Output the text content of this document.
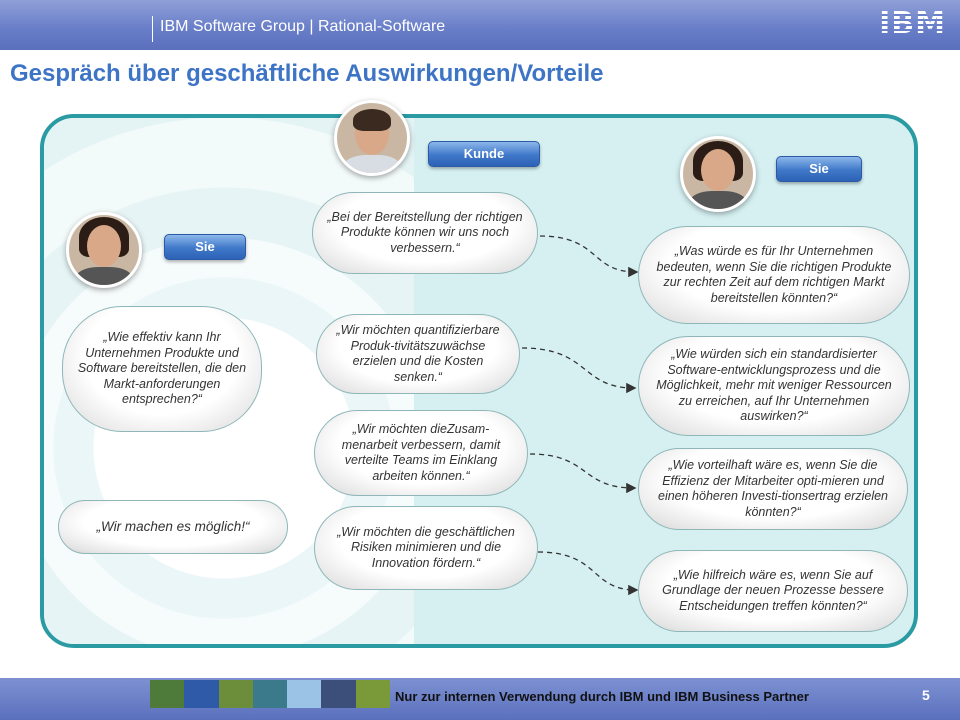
IBM Software Group | Rational-Software	IBM
Gespräch über geschäftliche Auswirkungen/Vorteile
Kunde
Sie
Sie
„Wie effektiv kann Ihr Unternehmen Produkte und Software bereitstellen, die den Markt-anforderungen entsprechen?“
„Wir machen es möglich!“
„Bei der Bereitstellung der richtigen Produkte können wir uns noch verbessern.“
„Wir möchten quantifizierbare Produk-tivitätszuwächse erzielen und die Kosten senken.“
„Wir möchten dieZusam-menarbeit verbessern, damit verteilte Teams im Einklang arbeiten können.“
„Wir möchten die geschäftlichen Risiken minimieren und die Innovation fördern.“
„Was würde es für Ihr Unternehmen bedeuten, wenn Sie die richtigen Produkte zur rechten Zeit auf dem richtigen Markt bereitstellen könnten?“
„Wie würden sich ein standardisierter Software-entwicklungsprozess und die Möglichkeit, mehr mit weniger Ressourcen zu erreichen, auf Ihr Unternehmen auswirken?“
„Wie vorteilhaft wäre es, wenn Sie die Effizienz der Mitarbeiter opti-mieren und einen höheren Investi-tionsertrag erzielen könnten?“
„Wie hilfreich wäre es, wenn Sie auf Grundlage der neuen Prozesse bessere Entscheidungen treffen könnten?“
Nur zur internen Verwendung durch IBM und IBM Business Partner	5
